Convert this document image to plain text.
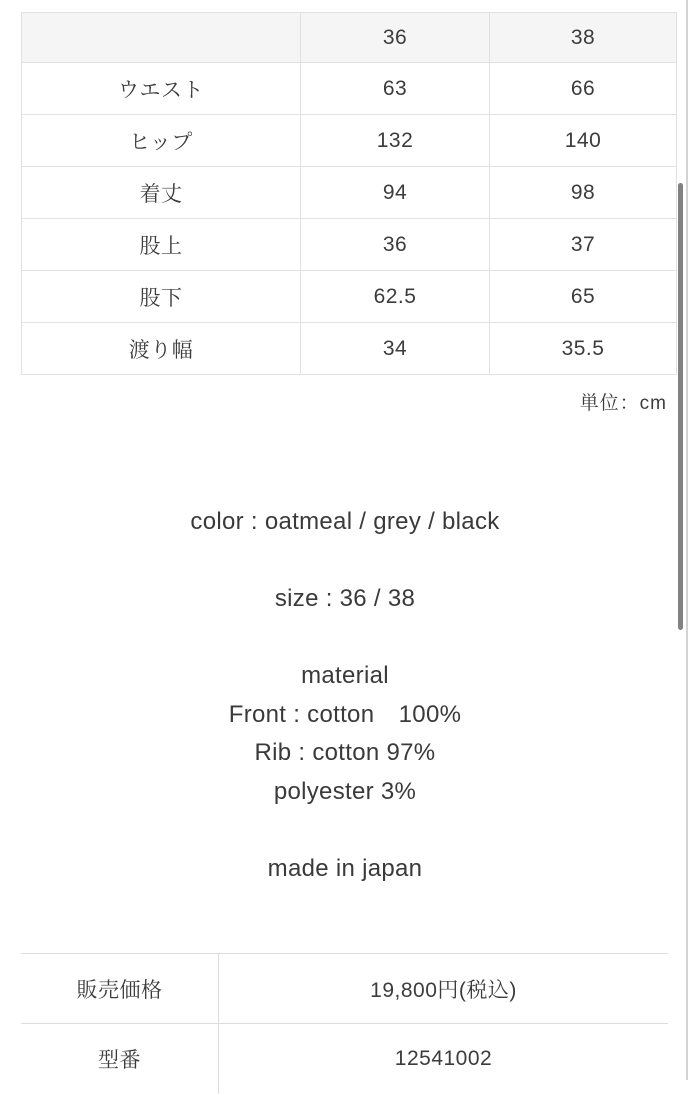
	36	38
ウエスト	63	66
ヒップ	132	140
着丈	94	98
股上	36	37
股下	62.5	65
渡り幅	34	35.5
単位：cm
color : oatmeal / grey / black
size : 36 / 38
material
Front : cotton　100%
Rib : cotton 97%
polyester 3%
made in japan
販売価格	19,800円(税込)
型番	12541002
